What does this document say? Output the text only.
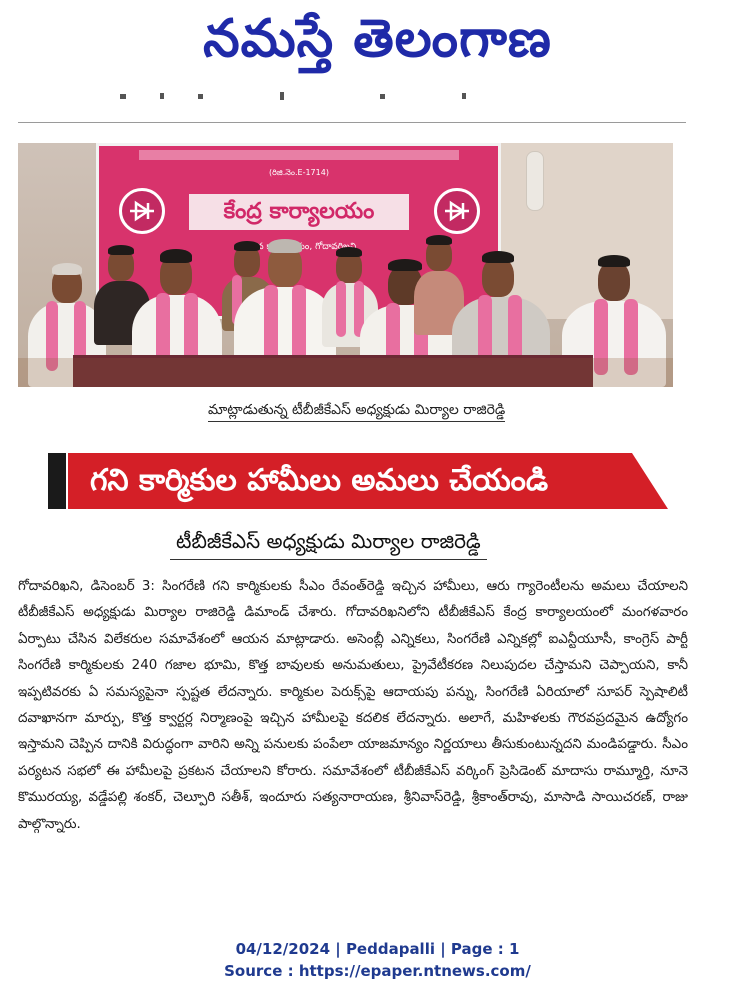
నమస్తే తెలంగాణ
(రిజి.నెం.E-1714)
కేంద్ర కార్యాలయం
గోదావరిఖని
మాట్లాడుతున్న టీబీజీకేఎస్ అధ్యక్షుడు మిర్యాల రాజిరెడ్డి
గని కార్మికుల హామీలు అమలు చేయండి
టీబీజీకేఎస్ అధ్యక్షుడు మిర్యాల రాజిరెడ్డి
గోదావరిఖని, డిసెంబర్ 3: సింగరేణి గని కార్మికులకు సీఎం రేవంత్‌రెడ్డి ఇచ్చిన హామీలు, ఆరు గ్యారెంటీలను అమలు చేయాలని టీబీజీకేఎస్ అధ్యక్షుడు మిర్యాల రాజిరెడ్డి డిమాండ్ చేశారు. గోదావరిఖనిలోని టీబీజీకేఎస్ కేంద్ర కార్యాలయంలో మంగళవారం ఏర్పాటు చేసిన విలేకరుల సమావేశంలో ఆయన మాట్లాడారు. అసెంబ్లీ ఎన్నికలు, సింగరేణి ఎన్నికల్లో ఐఎన్టీయూసీ, కాంగ్రెస్ పార్టీ సింగరేణి కార్మికులకు 240 గజాల భూమి, కొత్త బావులకు అనుమతులు, ప్రైవేటీకరణ నిలుపుదల చేస్తామని చెప్పాయని, కానీ ఇప్పటివరకు ఏ సమస్యపైనా స్పష్టత లేదన్నారు. కార్మికుల పెరుక్స్‌పై ఆదాయపు పన్ను, సింగరేణి ఏరియాలో సూపర్ స్పెషాలిటీ దవాఖానగా మార్పు, కొత్త క్వార్టర్ల నిర్మాణంపై ఇచ్చిన హామీలపై కదలిక లేదన్నారు. అలాగే, మహిళలకు గౌరవప్రదమైన ఉద్యోగం ఇస్తామని చెప్పిన దానికి విరుద్ధంగా వారిని అన్ని పనులకు పంపేలా యాజమాన్యం నిర్ణయాలు తీసుకుంటున్నదని మండిపడ్డారు. సీఎం పర్యటన సభలో ఈ హామీలపై ప్రకటన చేయాలని కోరారు. సమావేశంలో టీబీజీకేఎస్ వర్కింగ్ ప్రెసిడెంట్ మాదాసు రామ్మూర్తి, నూనె కొమురయ్య, వడ్డేపల్లి శంకర్, చెల్పూరి సతీశ్, ఇందూరు సత్యనారాయణ, శ్రీనివాస్‌రెడ్డి, శ్రీకాంత్‌రావు, మాసాడి సాయిచరణ్, రాజు పాల్గొన్నారు.
04/12/2024 | Peddapalli | Page : 1
Source : https://epaper.ntnews.com/
